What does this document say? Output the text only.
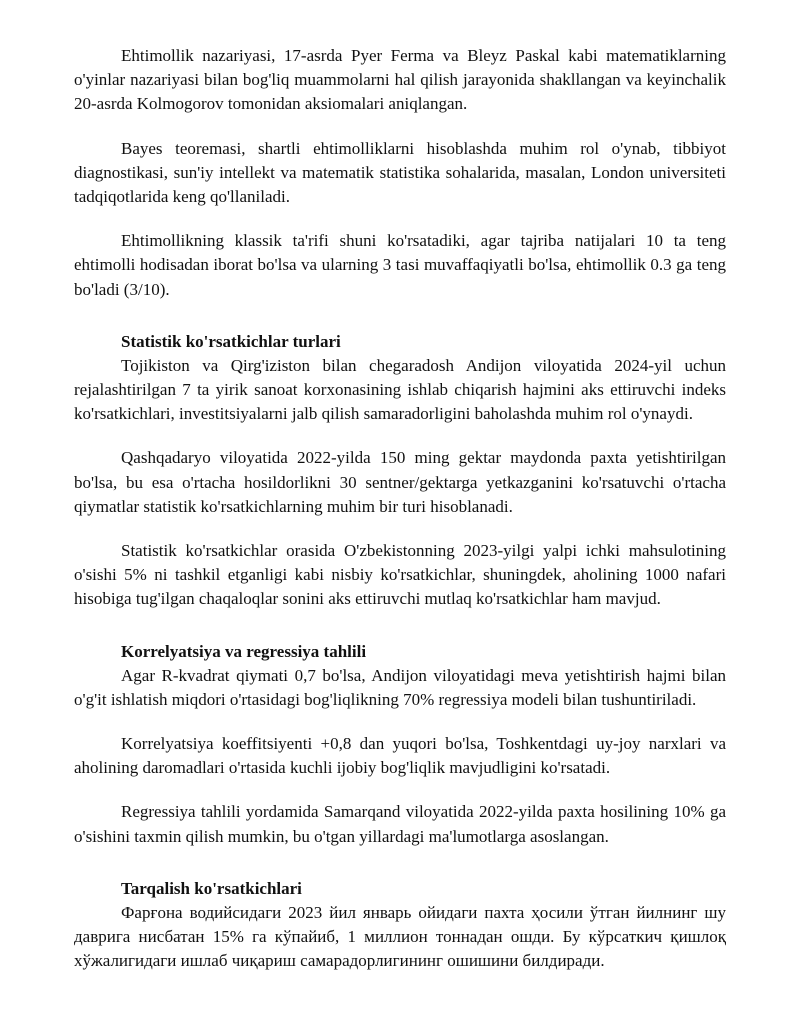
Ehtimollik nazariyasi, 17-asrda Pyer Ferma va Bleyz Paskal kabi matematiklarning o'yinlar nazariyasi bilan bog'liq muammolarni hal qilish jarayonida shakllangan va keyinchalik 20-asrda Kolmogorov tomonidan aksiomalari aniqlangan.

Bayes teoremasi, shartli ehtimolliklarni hisoblashda muhim rol o'ynab, tibbiyot diagnostikasi, sun'iy intellekt va matematik statistika sohalarida, masalan, London universiteti tadqiqotlarida keng qo'llaniladi.

Ehtimollikning klassik ta'rifi shuni ko'rsatadiki, agar tajriba natijalari 10 ta teng ehtimolli hodisadan iborat bo'lsa va ularning 3 tasi muvaffaqiyatli bo'lsa, ehtimollik 0.3 ga teng bo'ladi (3/10).

Statistik ko'rsatkichlar turlari

Tojikiston va Qirg'iziston bilan chegaradosh Andijon viloyatida 2024-yil uchun rejalashtirilgan 7 ta yirik sanoat korxonasining ishlab chiqarish hajmini aks ettiruvchi indeks ko'rsatkichlari, investitsiyalarni jalb qilish samaradorligini baholashda muhim rol o'ynaydi.

Qashqadaryo viloyatida 2022-yilda 150 ming gektar maydonda paxta yetishtirilgan bo'lsa, bu esa o'rtacha hosildorlikni 30 sentner/gektarga yetkazganini ko'rsatuvchi o'rtacha qiymatlar statistik ko'rsatkichlarning muhim bir turi hisoblanadi.

Statistik ko'rsatkichlar orasida O'zbekistonning 2023-yilgi yalpi ichki mahsulotining o'sishi 5% ni tashkil etganligi kabi nisbiy ko'rsatkichlar, shuningdek, aholining 1000 nafari hisobiga tug'ilgan chaqaloqlar sonini aks ettiruvchi mutlaq ko'rsatkichlar ham mavjud.

Korrelyatsiya va regressiya tahlili

Agar R-kvadrat qiymati 0,7 bo'lsa, Andijon viloyatidagi meva yetishtirish hajmi bilan o'g'it ishlatish miqdori o'rtasidagi bog'liqlikning 70% regressiya modeli bilan tushuntiriladi.

Korrelyatsiya koeffitsiyenti +0,8 dan yuqori bo'lsa, Toshkentdagi uy-joy narxlari va aholining daromadlari o'rtasida kuchli ijobiy bog'liqlik mavjudligini ko'rsatadi.

Regressiya tahlili yordamida Samarqand viloyatida 2022-yilda paxta hosilining 10% ga o'sishini taxmin qilish mumkin, bu o'tgan yillardagi ma'lumotlarga asoslangan.

Tarqalish ko'rsatkichlari

Фарғона водийсидаги 2023 йил январь ойидаги пахта ҳосили ўтган йилнинг шу даврига нисбатан 15% га кўпайиб, 1 миллион тоннадан ошди. Бу кўрсаткич қишлоқ хўжалигидаги ишлаб чиқариш самарадорлигининг ошишини билдиради.
